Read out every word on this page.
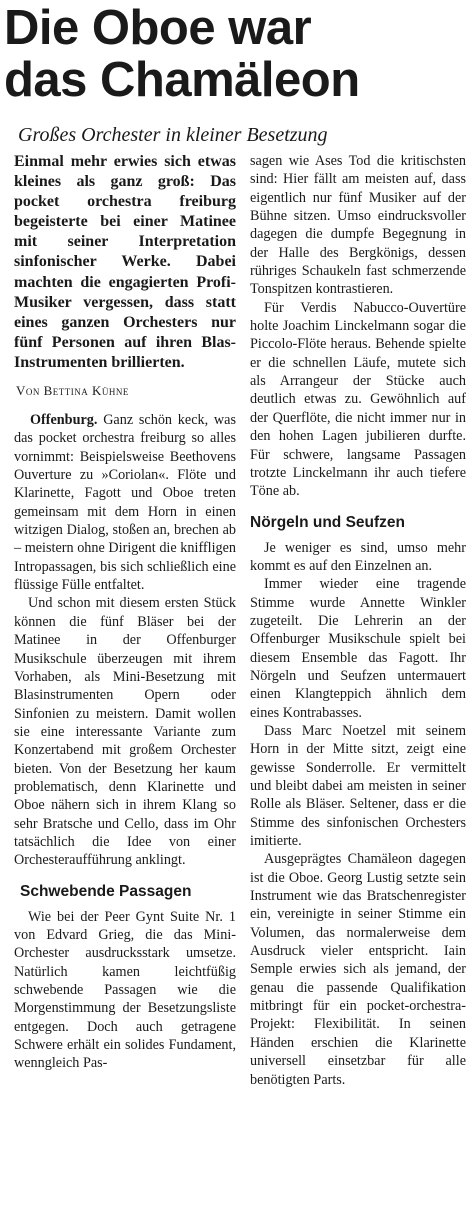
Die Oboe war
das Chamäleon

Großes Orchester in kleiner Besetzung

Einmal mehr erwies sich etwas kleines als ganz groß: Das pocket orchestra freiburg begeisterte bei einer Matinee mit seiner Interpretation sinfonischer Werke. Dabei machten die engagierten Profi-Musiker vergessen, dass statt eines ganzen Orchesters nur fünf Personen auf ihren Blas-Instrumenten brillierten.

Von Bettina Kühne

Offenburg. Ganz schön keck, was das pocket orchestra freiburg so alles vornimmt: Beispielsweise Beethovens Ouverture zu »Coriolan«. Flöte und Klarinette, Fagott und Oboe treten gemeinsam mit dem Horn in einen witzigen Dialog, stoßen an, brechen ab – meistern ohne Dirigent die kniffligen Intropassagen, bis sich schließlich eine flüssige Fülle entfaltet.

Und schon mit diesem ersten Stück können die fünf Bläser bei der Matinee in der Offenburger Musikschule überzeugen mit ihrem Vorhaben, als Mini-Besetzung mit Blasinstrumenten Opern oder Sinfonien zu meistern. Damit wollen sie eine interessante Variante zum Konzertabend mit großem Orchester bieten. Von der Besetzung her kaum problematisch, denn Klarinette und Oboe nähern sich in ihrem Klang so sehr Bratsche und Cello, dass im Ohr tatsächlich die Idee von einer Orchesteraufführung anklingt.

Schwebende Passagen

Wie bei der Peer Gynt Suite Nr. 1 von Edvard Grieg, die das Mini-Orchester ausdrucksstark umsetze. Natürlich kamen leichtfüßig schwebende Passagen wie die Morgenstimmung der Besetzungsliste entgegen. Doch auch getragene Schwere erhält ein solides Fundament, wenngleich Pas-

sagen wie Ases Tod die kritischsten sind: Hier fällt am meisten auf, dass eigentlich nur fünf Musiker auf der Bühne sitzen. Umso eindrucksvoller dagegen die dumpfe Begegnung in der Halle des Bergkönigs, dessen rühriges Schaukeln fast schmerzende Tonspitzen kontrastieren.

Für Verdis Nabucco-Ouvertüre holte Joachim Linckelmann sogar die Piccolo-Flöte heraus. Behende spielte er die schnellen Läufe, mutete sich als Arrangeur der Stücke auch deutlich etwas zu. Gewöhnlich auf der Querflöte, die nicht immer nur in den hohen Lagen jubilieren durfte. Für schwere, langsame Passagen trotzte Linckelmann ihr auch tiefere Töne ab.

Nörgeln und Seufzen

Je weniger es sind, umso mehr kommt es auf den Einzelnen an.

Immer wieder eine tragende Stimme wurde Annette Winkler zugeteilt. Die Lehrerin an der Offenburger Musikschule spielt bei diesem Ensemble das Fagott. Ihr Nörgeln und Seufzen untermauert einen Klangteppich ähnlich dem eines Kontrabasses.

Dass Marc Noetzel mit seinem Horn in der Mitte sitzt, zeigt eine gewisse Sonderrolle. Er vermittelt und bleibt dabei am meisten in seiner Rolle als Bläser. Seltener, dass er die Stimme des sinfonischen Orchesters imitierte.

Ausgeprägtes Chamäleon dagegen ist die Oboe. Georg Lustig setzte sein Instrument wie das Bratschenregister ein, vereinigte in seiner Stimme ein Volumen, das normalerweise dem Ausdruck vieler entspricht. Iain Semple erwies sich als jemand, der genau die passende Qualifikation mitbringt für ein pocket-orchestra-Projekt: Flexibilität. In seinen Händen erschien die Klarinette universell einsetzbar für alle benötigten Parts.
